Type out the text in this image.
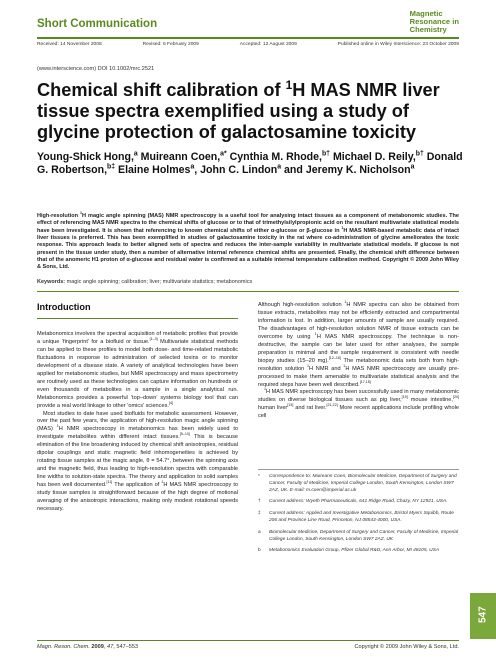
Short Communication
Magnetic
Resonance in
Chemistry
Received: 14 November 2008	Revised: 6 February 2009	Accepted: 12 August 2009	Published online in Wiley Interscience: 23 October 2009
(www.interscience.com) DOI 10.1002/mrc.2521
Chemical shift calibration of $^1$H MAS NMR liver tissue spectra exemplified using a study of glycine protection of galactosamine toxicity
Young-Shick Hong,$^a$ Muireann Coen,$^{a*}$ Cynthia M. Rhode,$^{b\dagger}$ Michael D. Reily,$^{b\dagger}$ Donald G. Robertson,$^{b\ddagger}$ Elaine Holmes$^a$, John C. Lindon$^a$ and Jeremy K. Nicholson$^a$
High-resolution $^1$H magic angle spinning (MAS) NMR spectroscopy is a useful tool for analysing intact tissues as a component of metabonomic studies. The effect of referencing MAS NMR spectra to the chemical shifts of glucose or to that of trimethylsilylpropionic acid on the resultant multivariate statistical models have been investigated. It is shown that referencing to known chemical shifts of either α-glucose or β-glucose in $^1$H MAS NMR-based metabolic data of intact liver tissues is preferred. This has been exemplified in studies of galactosamine toxicity in the rat where co-administration of glycine ameliorates the toxic response. This approach leads to better aligned sets of spectra and reduces the inter-sample variability in multivariate statistical models. If glucose is not present in the tissue under study, then a number of alternative internal reference chemical shifts are presented. Finally, the chemical shift difference between that of the anomeric H1 proton of α-glucose and residual water is confirmed as a suitable internal temperature calibration method. Copyright © 2009 John Wiley & Sons, Ltd.
Keywords: magic angle spinning; calibration; liver; multivariate statistics; metabonomics
Introduction

Metabonomics involves the spectral acquisition of metabolic profiles that provide a unique ‘fingerprint’ for a biofluid or tissue.[1–3] Multivariate statistical methods can be applied to these profiles to model both dose- and time-related metabolic fluctuations in response to administration of selected toxins or to monitor development of a disease state. A variety of analytical technologies have been applied for metabonomic studies, but NMR spectroscopy and mass spectrometry are routinely used as these technologies can capture information on hundreds or even thousands of metabolites in a sample in a single analytical run. Metabonomics provides a powerful ‘top–down’ systems biology tool that can provide a real world linkage to other ‘omics’ sciences.[4]

Most studies to date have used biofluids for metabolic assessment. However, over the past few years, the application of high-resolution magic angle spinning (MAS) $^1$H NMR spectroscopy in metabonomics has been widely used to investigate metabolites within different intact tissues.[5–10] This is because elimination of the line broadening induced by chemical shift anisotropies, residual dipolar couplings and static magnetic field inhomogeneities is achieved by rotating tissue samples at the magic angle, θ = 54.7°, between the spinning axis and the magnetic field, thus leading to high-resolution spectra with comparable line widths to solution-state spectra. The theory and application to solid samples has been well documented.[11] The application of $^1$H MAS NMR spectroscopy to study tissue samples is straightforward because of the high degree of motional averaging of the anisotropic interactions, making only modest rotational speeds necessary.

Although high-resolution solution $^1$H NMR spectra can also be obtained from tissue extracts, metabolites may not be efficiently extracted and compartmental information is lost. In addition, larger amounts of sample are usually required. The disadvantages of high-resolution solution NMR of tissue extracts can be overcome by using $^1$H MAS NMR spectroscopy. The technique is non-destructive, the sample can be later used for other analyses, the sample preparation is minimal and the sample requirement is consistent with needle biopsy studies (15–20 mg).[12–16] The metabonomic data sets both from high-resolution solution $^1$H NMR and $^1$H MAS NMR spectroscopy are usually pre-processed to make them amenable to multivariate statistical analysis and the required steps have been well described.[17,18]

$^1$H MAS NMR spectroscopy has been successfully used in many metabonomic studies on diverse biological tissues such as pig liver,[19] mouse intestine,[20] human liver[15] and rat liver.[21,22] More recent applications include profiling whole cell

* Correspondence to: Muireann Coen, Biomolecular Medicine, Department of Surgery and Cancer, Faculty of Medicine, Imperial College London, South Kensington, London SW7 2AZ, UK. E-mail: m.coen@imperial.ac.uk
† Current address: Wyeth Pharmaceuticals, 641 Ridge Road, Chazy, NY 12921, USA.
‡ Current address: Applied and Investigative Metabonomics, Bristol Myers Squibb, Route 206 and Province Line Road, Princeton, NJ 08543-4000, USA.
a Biomolecular Medicine, Department of Surgery and Cancer, Faculty of Medicine, Imperial College London, South Kensington, London SW7 2AZ, UK
b Metabonomics Evaluation Group, Pfizer Global R&D, Ann Arbor, MI 48105, USA
547
Magn. Reson. Chem. 2009, 47, 547–553	Copyright © 2009 John Wiley & Sons, Ltd.
